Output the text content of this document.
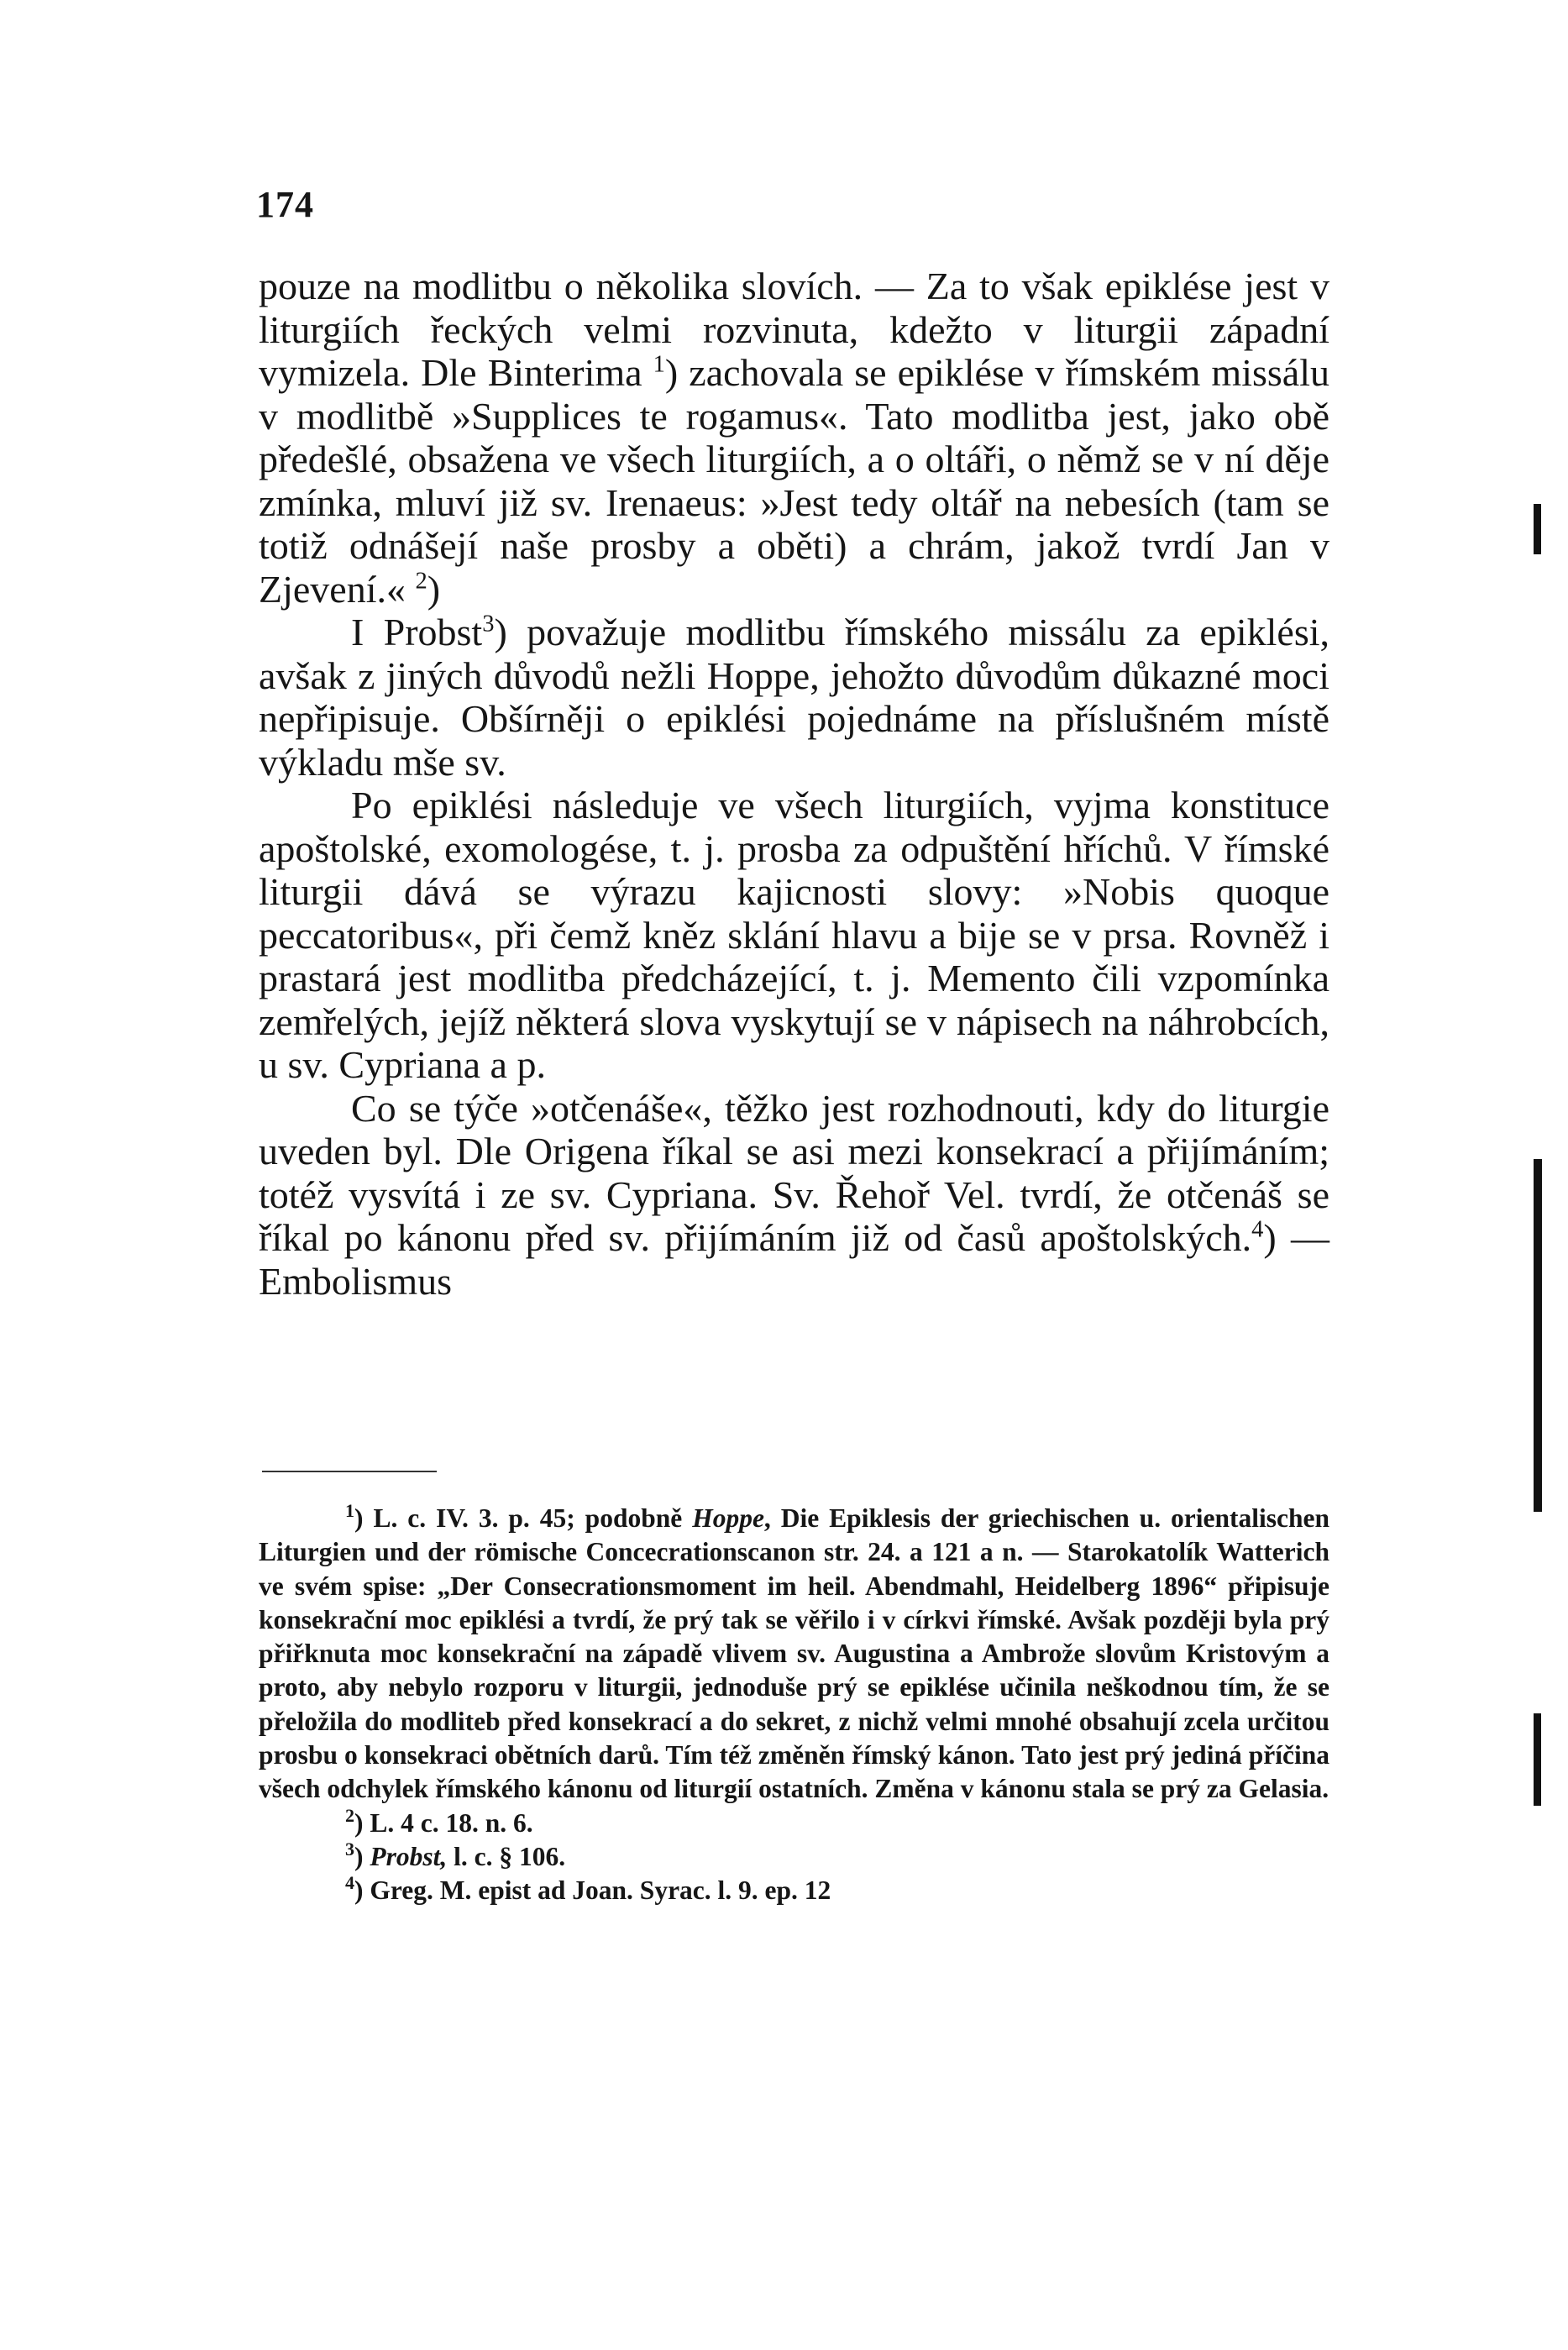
174

pouze na modlitbu o několika slovích. — Za to však epiklése jest v liturgiích řeckých velmi rozvinuta, kdežto v liturgii západní vymizela. Dle Binterima $^1$) zachovala se epiklése v římském missálu v modlitbě »Supplices te rogamus«. Tato modlitba jest, jako obě předešlé, obsažena ve všech liturgiích, a o oltáři, o němž se v ní děje zmínka, mluví již sv. Irenaeus: »Jest tedy oltář na nebesích (tam se totiž odnášejí naše prosby a oběti) a chrám, jakož tvrdí Jan v Zjevení.« $^2$)

I Probst$^3$) považuje modlitbu římského missálu za epiklési, avšak z jiných důvodů nežli Hoppe, jehožto důvodům důkazné moci nepřipisuje. Obšírněji o epiklési pojednáme na příslušném místě výkladu mše sv.

Po epiklési následuje ve všech liturgiích, vyjma konstituce apoštolské, exomologése, t. j. prosba za odpuštění hříchů. V římské liturgii dává se výrazu kajicnosti slovy: »Nobis quoque peccatoribus«, při čemž kněz sklání hlavu a bije se v prsa. Rovněž i prastará jest modlitba předcházející, t. j. Memento čili vzpomínka zemřelých, jejíž některá slova vyskytují se v nápisech na náhrobcích, u sv. Cypriana a p.

Co se týče »otčenáše«, těžko jest rozhodnouti, kdy do liturgie uveden byl. Dle Origena říkal se asi mezi konsekrací a přijímáním; totéž vysvítá i ze sv. Cypriana. Sv. Řehoř Vel. tvrdí, že otčenáš se říkal po kánonu před sv. přijímáním již od časů apoštolských.$^4$) — Embolismus

$^1$) L. c. IV. 3. p. 45; podobně Hoppe, Die Epiklesis der griechischen u. orientalischen Liturgien und der römische Concecrationscanon str. 24. a 121 a n. — Starokatolík Watterich ve svém spise: „Der Consecrationsmoment im heil. Abendmahl, Heidelberg 1896“ připisuje konsekrační moc epiklési a tvrdí, že prý tak se věřilo i v církvi římské. Avšak později byla prý přiřknuta moc konsekrační na západě vlivem sv. Augustina a Ambrože slovům Kristovým a proto, aby nebylo rozporu v liturgii, jednoduše prý se epiklése učinila neškodnou tím, že se přeložila do modliteb před konsekrací a do sekret, z nichž velmi mnohé obsahují zcela určitou prosbu o konsekraci obětních darů. Tím též změněn římský kánon. Tato jest prý jediná příčina všech odchylek římského kánonu od liturgií ostatních. Změna v kánonu stala se prý za Gelasia.

$^2$) L. 4 c. 18. n. 6.

$^3$) Probst, l. c. § 106.

$^4$) Greg. M. epist ad Joan. Syrac. l. 9. ep. 12
